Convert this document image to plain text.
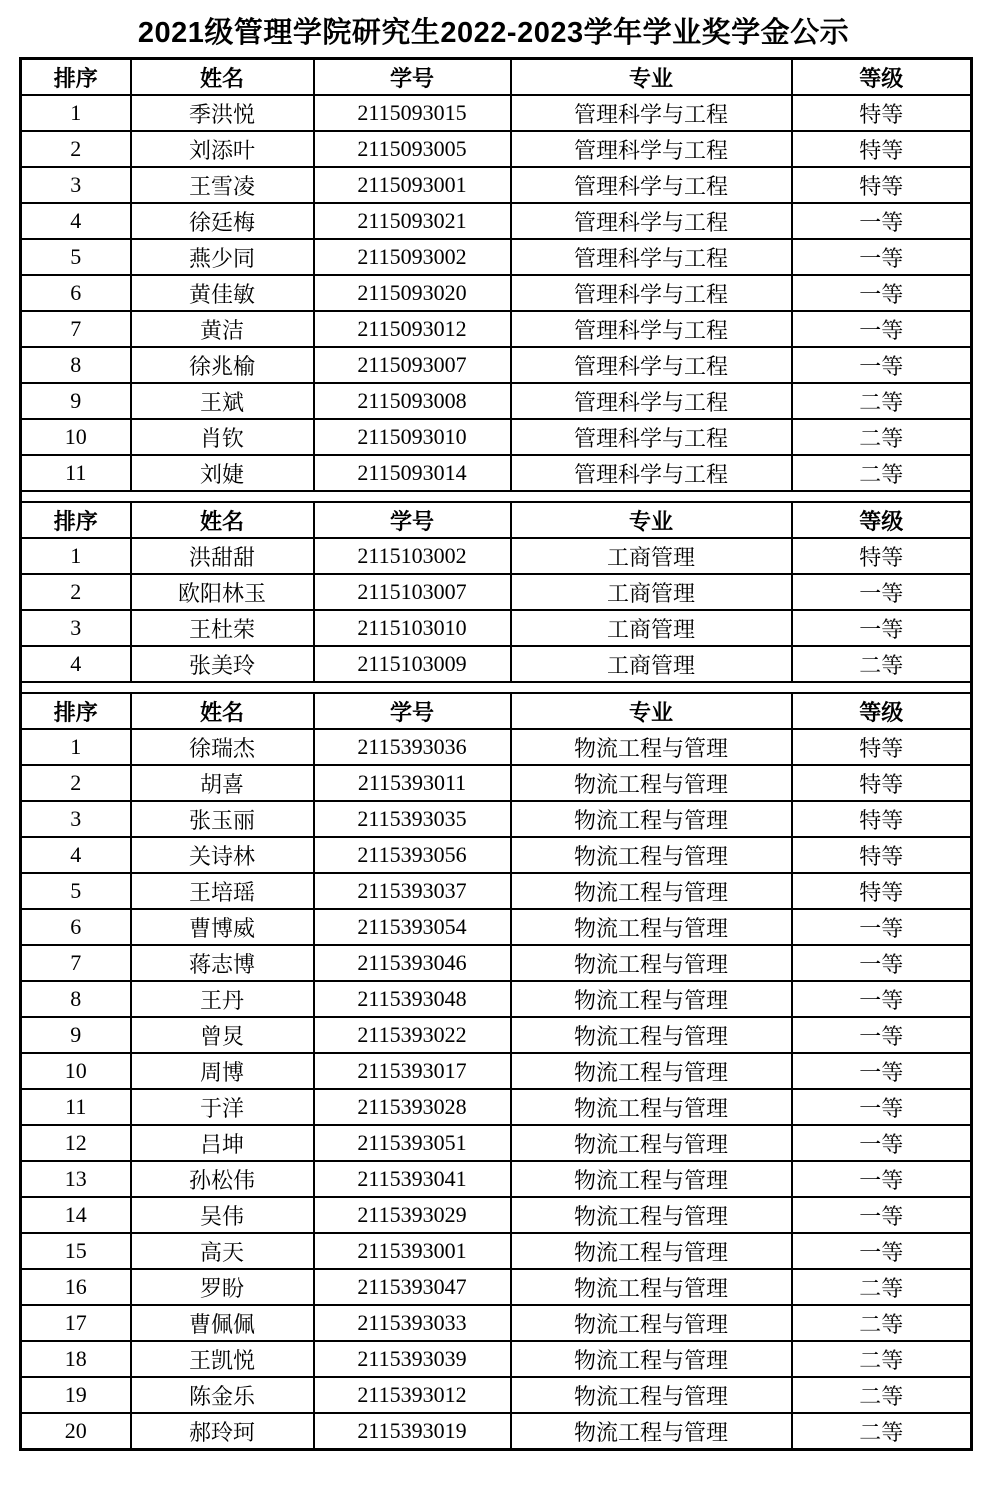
2021级管理学院研究生2022-2023学年学业奖学金公示
排序	姓名	学号	专业	等级
1	季洪悦	2115093015	管理科学与工程	特等
2	刘添叶	2115093005	管理科学与工程	特等
3	王雪凌	2115093001	管理科学与工程	特等
4	徐廷梅	2115093021	管理科学与工程	一等
5	燕少同	2115093002	管理科学与工程	一等
6	黄佳敏	2115093020	管理科学与工程	一等
7	黄洁	2115093012	管理科学与工程	一等
8	徐兆榆	2115093007	管理科学与工程	一等
9	王斌	2115093008	管理科学与工程	二等
10	肖钦	2115093010	管理科学与工程	二等
11	刘婕	2115093014	管理科学与工程	二等

排序	姓名	学号	专业	等级
1	洪甜甜	2115103002	工商管理	特等
2	欧阳林玉	2115103007	工商管理	一等
3	王杜荣	2115103010	工商管理	一等
4	张美玲	2115103009	工商管理	二等

排序	姓名	学号	专业	等级
1	徐瑞杰	2115393036	物流工程与管理	特等
2	胡喜	2115393011	物流工程与管理	特等
3	张玉丽	2115393035	物流工程与管理	特等
4	关诗林	2115393056	物流工程与管理	特等
5	王培瑶	2115393037	物流工程与管理	特等
6	曹博威	2115393054	物流工程与管理	一等
7	蒋志博	2115393046	物流工程与管理	一等
8	王丹	2115393048	物流工程与管理	一等
9	曾炅	2115393022	物流工程与管理	一等
10	周博	2115393017	物流工程与管理	一等
11	于洋	2115393028	物流工程与管理	一等
12	吕坤	2115393051	物流工程与管理	一等
13	孙松伟	2115393041	物流工程与管理	一等
14	吴伟	2115393029	物流工程与管理	一等
15	高天	2115393001	物流工程与管理	一等
16	罗盼	2115393047	物流工程与管理	二等
17	曹佩佩	2115393033	物流工程与管理	二等
18	王凯悦	2115393039	物流工程与管理	二等
19	陈金乐	2115393012	物流工程与管理	二等
20	郝玲珂	2115393019	物流工程与管理	二等
